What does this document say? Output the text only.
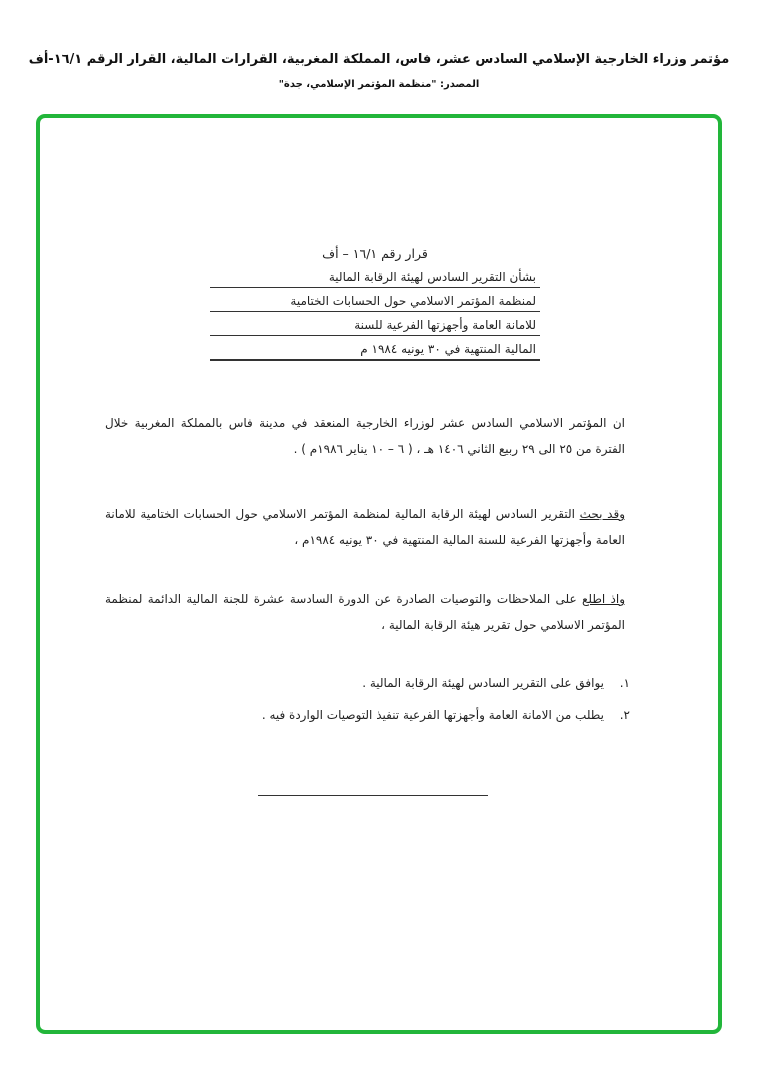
مؤتمر وزراء الخارجية الإسلامي السادس عشر، فاس، المملكة المغربية، القرارات المالية، القرار الرقم ١٦/١-أف
المصدر: "منظمة المؤتمر الإسلامي، جدة"
قرار رقم ١٦/١ – أف
بشأن التقرير السادس لهيئة الرقابة المالية
لمنظمة المؤتمر الاسلامي حول الحسابات الختامية
للامانة العامة وأجهزتها الفرعية للسنة
المالية المنتهية في ٣٠ يونيه ١٩٨٤ م
ان المؤتمر الاسلامي السادس عشر لوزراء الخارجية المنعقد في مدينة فاس بالمملكة المغربية خلال الفترة من ٢٥ الى ٢٩ ربيع الثاني ١٤٠٦ هـ ، ( ٦ – ١٠ يناير ١٩٨٦م ) .
وقد بحث التقرير السادس لهيئة الرقابة المالية لمنظمة المؤتمر الاسلامي حول الحسابات الختامية للامانة العامة وأجهزتها الفرعية للسنة المالية المنتهية في ٣٠ يونيه ١٩٨٤م ،
واذ اطلع على الملاحظات والتوصيات الصادرة عن الدورة السادسة عشرة للجنة المالية الدائمة لمنظمة المؤتمر الاسلامي حول تقرير هيئة الرقابة المالية ،
١.
يوافق على التقرير السادس لهيئة الرقابة المالية .
٢.
يطلب من الامانة العامة وأجهزتها الفرعية تنفيذ التوصيات الواردة فيه .
